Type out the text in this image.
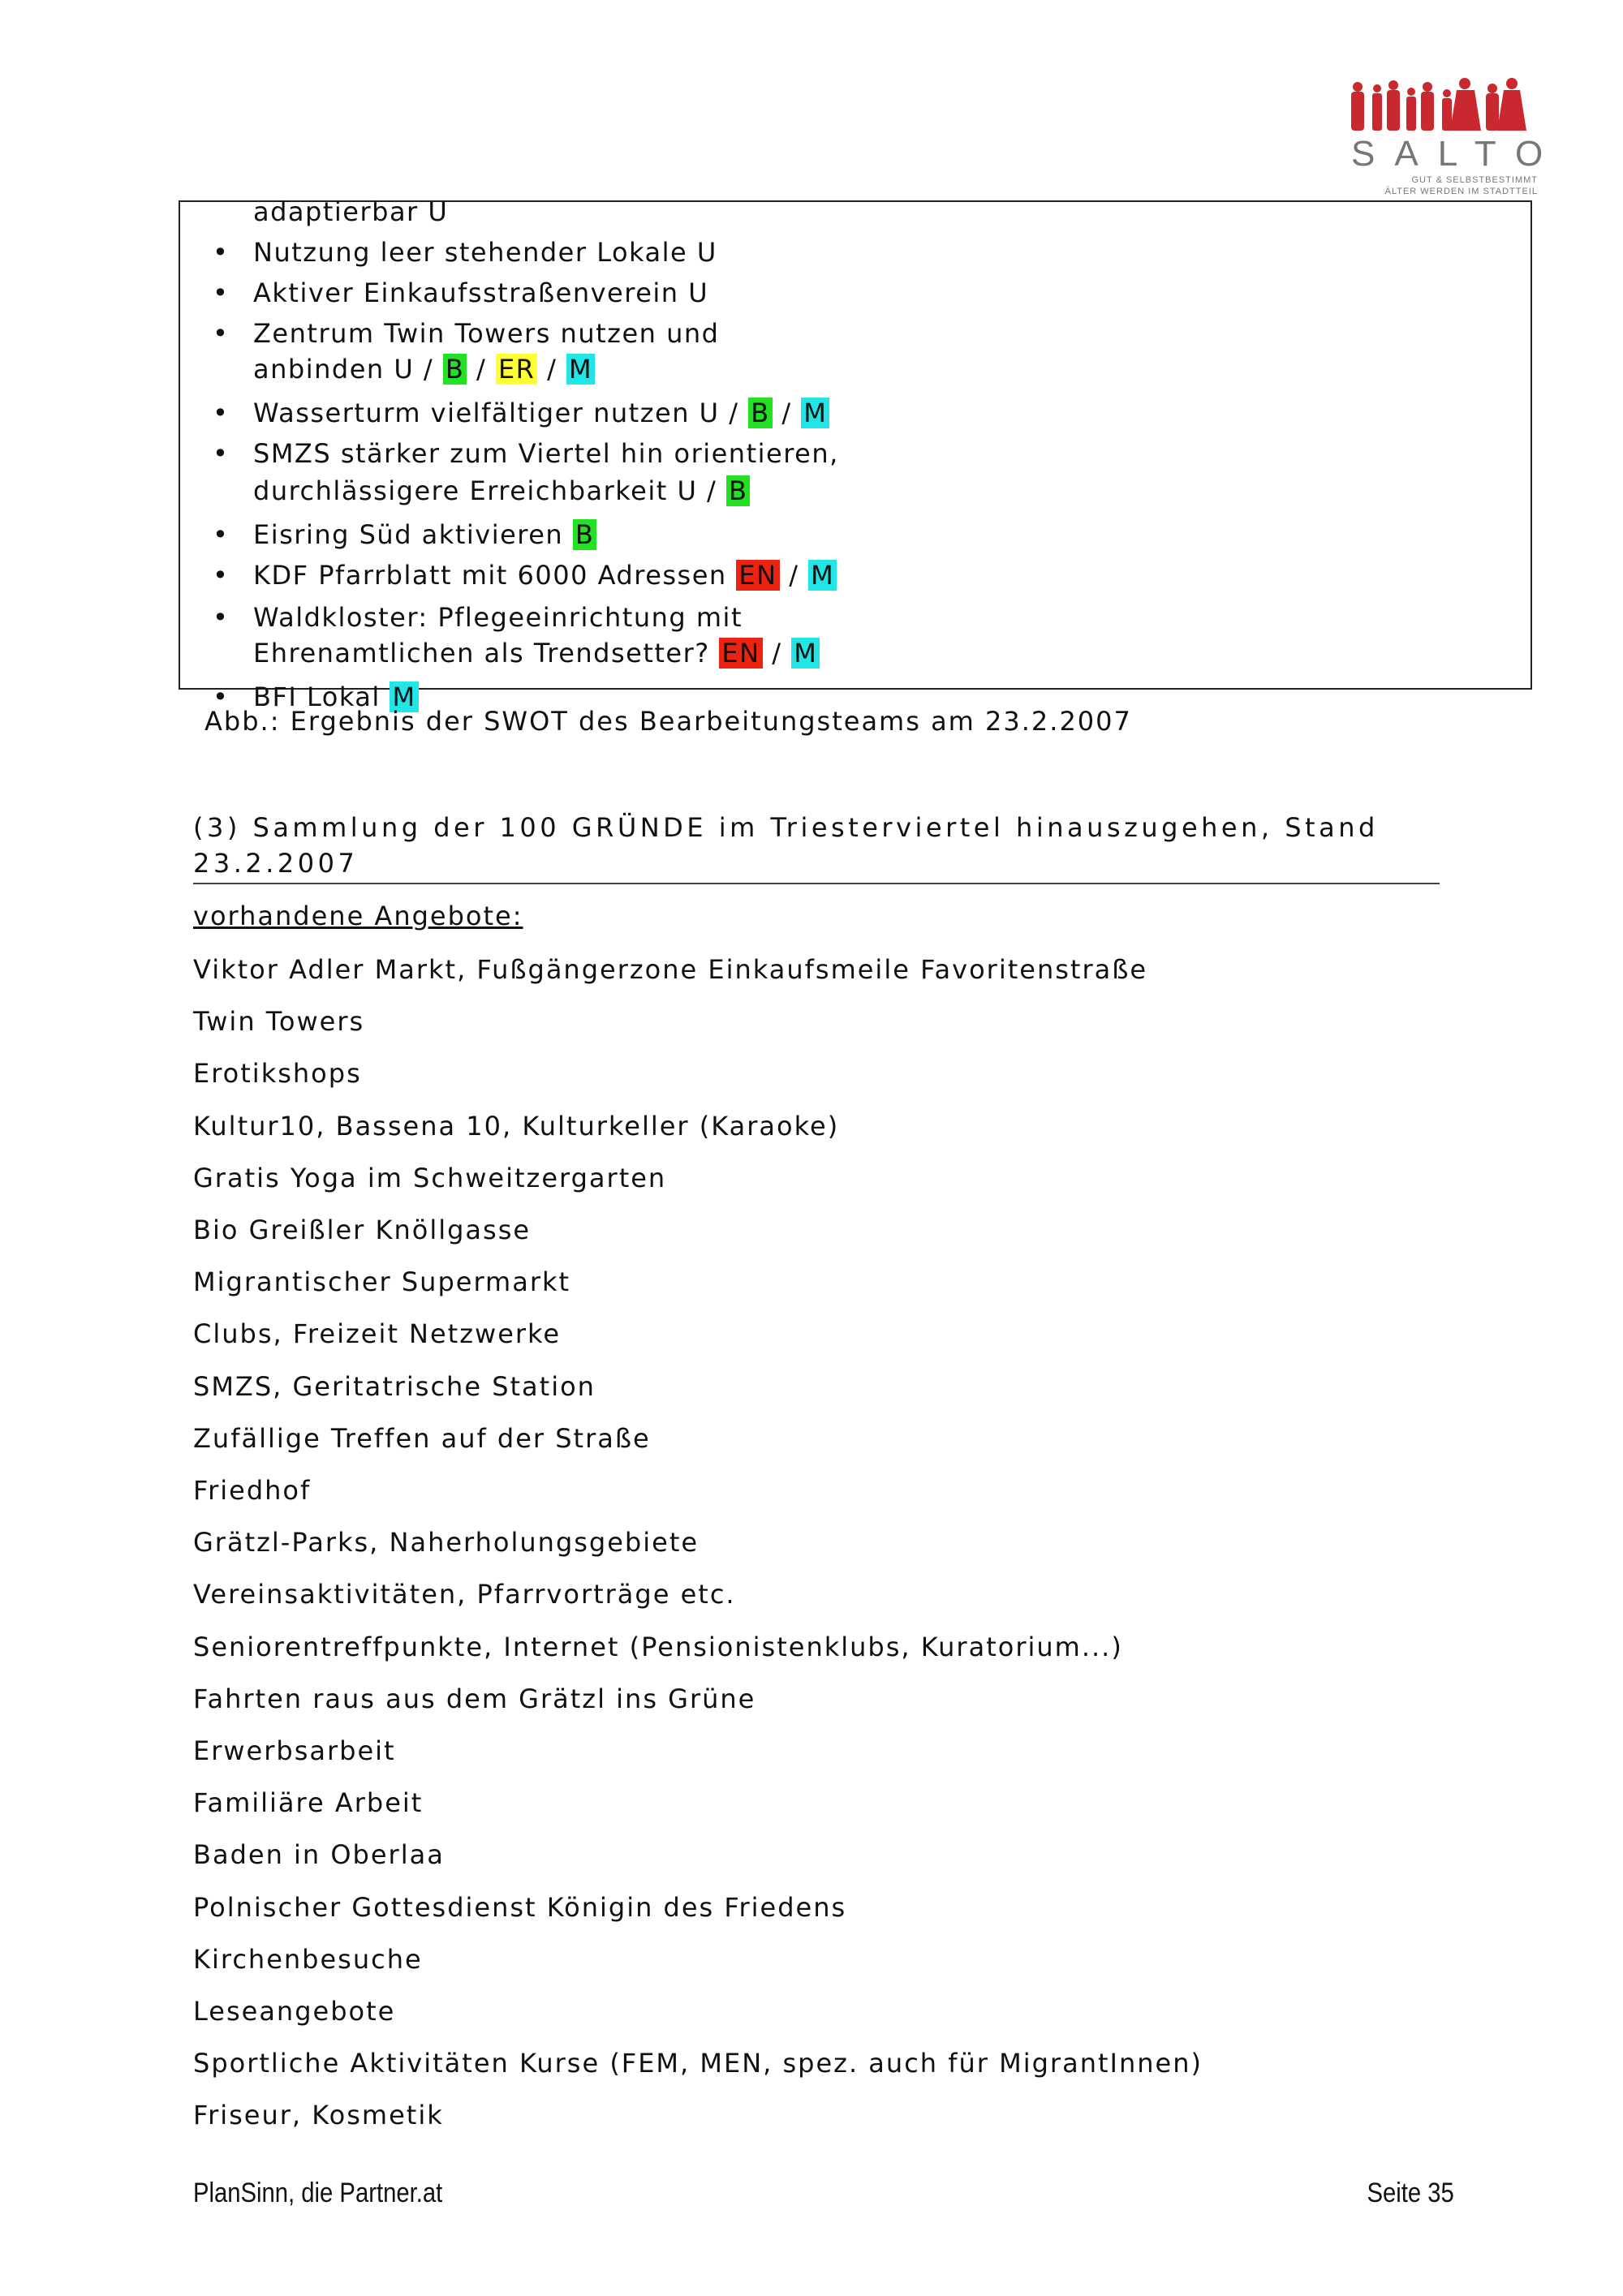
SALTO
GUT & SELBSTBESTIMMT
ÄLTER WERDEN IM STADTTEIL
adaptierbar U
• Nutzung leer stehender Lokale U
• Aktiver Einkaufsstraßenverein U
• Zentrum Twin Towers nutzen und
anbinden U / B / ER / M
• Wasserturm vielfältiger nutzen U / B / M
• SMZS stärker zum Viertel hin orientieren,
durchlässigere Erreichbarkeit U / B
• Eisring Süd aktivieren B
• KDF Pfarrblatt mit 6000 Adressen EN / M
• Waldkloster: Pflegeeinrichtung mit
Ehrenamtlichen als Trendsetter? EN / M
• BFI Lokal M
Abb.: Ergebnis der SWOT des Bearbeitungsteams am 23.2.2007
(3) Sammlung der 100 GRÜNDE im Triesterviertel hinauszugehen, Stand 23.2.2007
vorhandene Angebote:
Viktor Adler Markt, Fußgängerzone Einkaufsmeile Favoritenstraße
Twin Towers
Erotikshops
Kultur10, Bassena 10, Kulturkeller (Karaoke)
Gratis Yoga im Schweitzergarten
Bio Greißler Knöllgasse
Migrantischer Supermarkt
Clubs, Freizeit Netzwerke
SMZS, Geritatrische Station
Zufällige Treffen auf der Straße
Friedhof
Grätzl-Parks, Naherholungsgebiete
Vereinsaktivitäten, Pfarrvorträge etc.
Seniorentreffpunkte, Internet (Pensionistenklubs, Kuratorium...)
Fahrten raus aus dem Grätzl ins Grüne
Erwerbsarbeit
Familiäre Arbeit
Baden in Oberlaa
Polnischer Gottesdienst Königin des Friedens
Kirchenbesuche
Leseangebote
Sportliche Aktivitäten Kurse (FEM, MEN, spez. auch für MigrantInnen)
Friseur, Kosmetik
PlanSinn, die Partner.at	Seite 35
